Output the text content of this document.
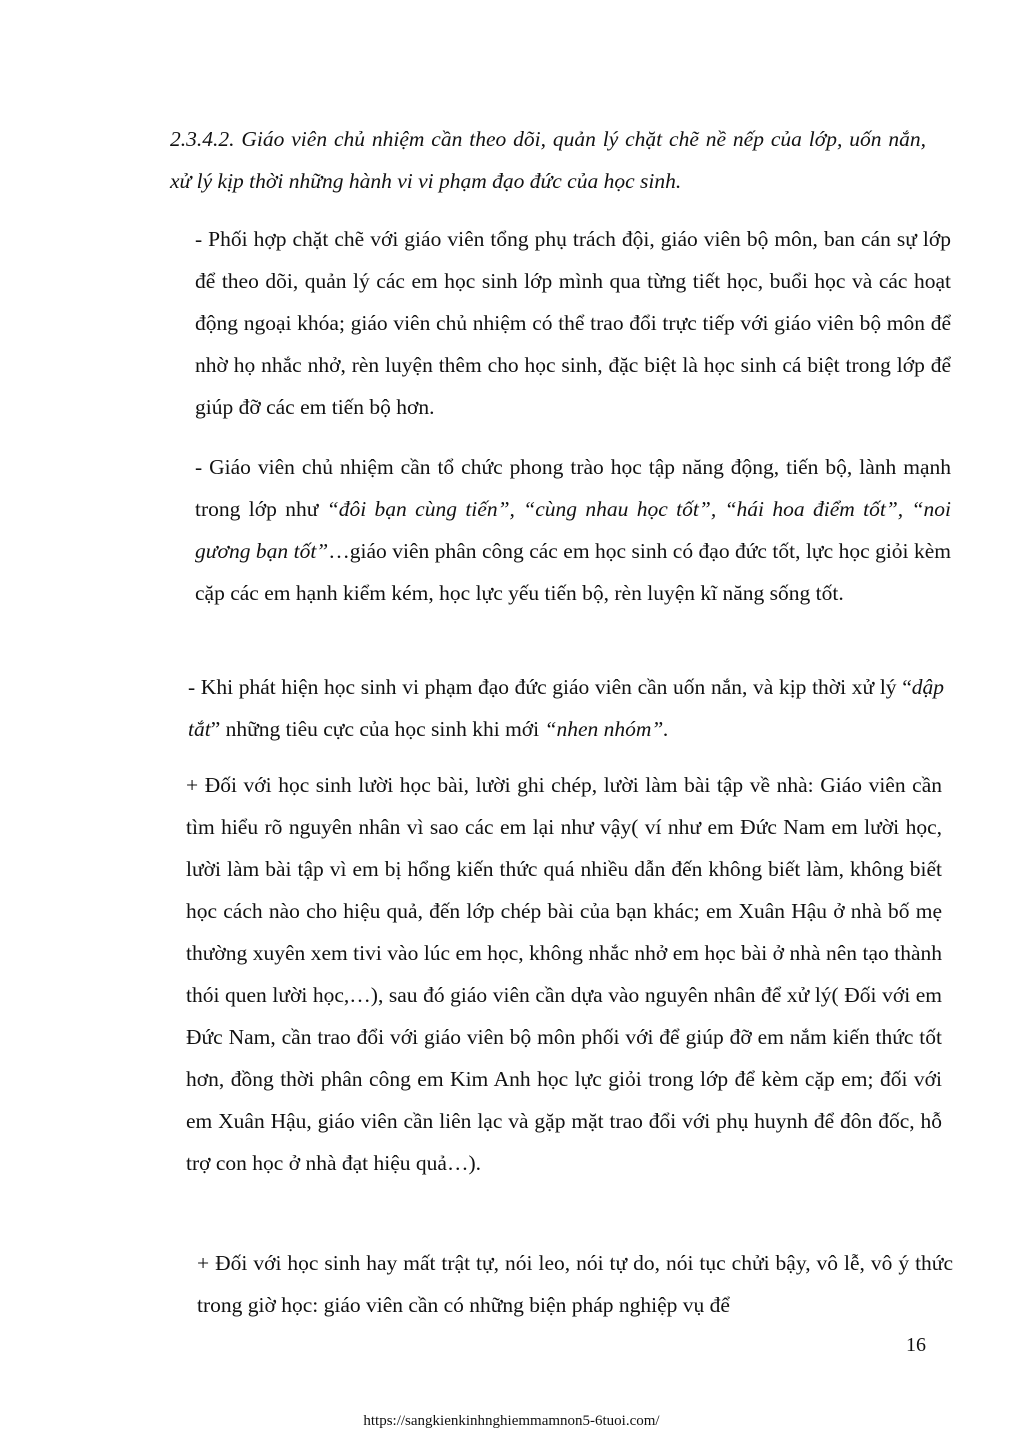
2.3.4.2. Giáo viên chủ nhiệm cần theo dõi, quản lý chặt chẽ nề nếp của lớp, uốn nắn, xử lý kịp thời những hành vi vi phạm đạo đức của học sinh.

- Phối hợp chặt chẽ với giáo viên tổng phụ trách đội, giáo viên bộ môn, ban cán sự lớp để theo dõi, quản lý các em học sinh lớp mình qua từng tiết học, buổi học và các hoạt động ngoại khóa; giáo viên chủ nhiệm có thể trao đổi trực tiếp với giáo viên bộ môn để nhờ họ nhắc nhở, rèn luyện thêm cho học sinh, đặc biệt là học sinh cá biệt trong lớp để giúp đỡ các em tiến bộ hơn.

- Giáo viên chủ nhiệm cần tổ chức phong trào học tập năng động, tiến bộ, lành mạnh trong lớp như “đôi bạn cùng tiến”, “cùng nhau học tốt”, “hái hoa điểm tốt”, “noi gương bạn tốt”…giáo viên phân công các em học sinh có đạo đức tốt, lực học giỏi kèm cặp các em hạnh kiểm kém, học lực yếu tiến bộ, rèn luyện kĩ năng sống tốt.

- Khi phát hiện học sinh vi phạm đạo đức giáo viên cần uốn nắn, và kịp thời xử lý “dập tắt” những tiêu cực của học sinh khi mới “nhen nhóm”.

+ Đối với học sinh lười học bài, lười ghi chép, lười làm bài tập về nhà: Giáo viên cần tìm hiểu rõ nguyên nhân vì sao các em lại như vậy( ví như em Đức Nam em lười học, lười làm bài tập vì em bị hổng kiến thức quá nhiều dẫn đến không biết làm, không biết học cách nào cho hiệu quả, đến lớp chép bài của bạn khác; em Xuân Hậu ở nhà bố mẹ thường xuyên xem tivi vào lúc em học, không nhắc nhở em học bài ở nhà nên tạo thành thói quen lười học,…), sau đó giáo viên cần dựa vào nguyên nhân để xử lý( Đối với em Đức Nam, cần trao đổi với giáo viên bộ môn phối với để giúp đỡ em nắm kiến thức tốt hơn, đồng thời phân công em Kim Anh học lực giỏi trong lớp để kèm cặp em; đối với em Xuân Hậu, giáo viên cần liên lạc và gặp mặt trao đổi với phụ huynh để đôn đốc, hỗ trợ con học ở nhà đạt hiệu quả…).

+ Đối với học sinh hay mất trật tự, nói leo, nói tự do, nói tục chửi bậy, vô lễ, vô ý thức trong giờ học: giáo viên cần có những biện pháp nghiệp vụ để

16
https://sangkienkinhnghiemmamnon5-6tuoi.com/
